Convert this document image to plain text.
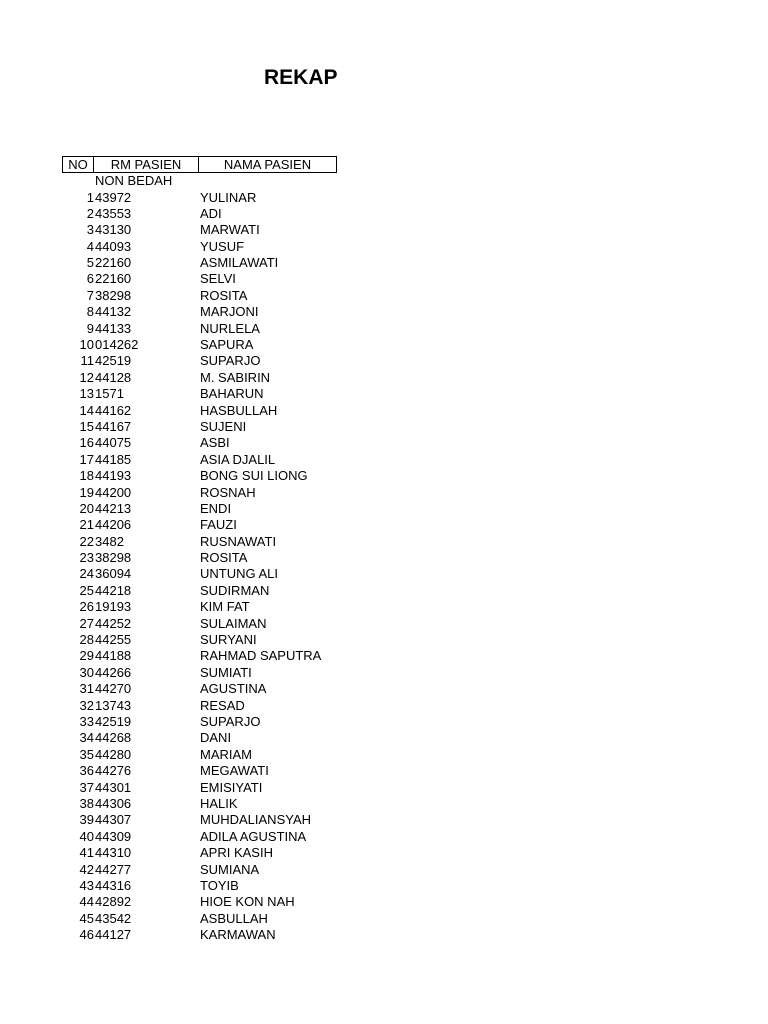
REKAP
NO	RM PASIEN	NAMA PASIEN
NON BEDAH
1 43972	YULINAR
2 43553	ADI
3 43130	MARWATI
4 44093	YUSUF
5 22160	ASMILAWATI
6 22160	SELVI
7 38298	ROSITA
8 44132	MARJONI
9 44133	NURLELA
10 014262	SAPURA
11 42519	SUPARJO
12 44128	M. SABIRIN
13 1571	BAHARUN
14 44162	HASBULLAH
15 44167	SUJENI
16 44075	ASBI
17 44185	ASIA DJALIL
18 44193	BONG SUI LIONG
19 44200	ROSNAH
20 44213	ENDI
21 44206	FAUZI
22 3482	RUSNAWATI
23 38298	ROSITA
24 36094	UNTUNG ALI
25 44218	SUDIRMAN
26 19193	KIM FAT
27 44252	SULAIMAN
28 44255	SURYANI
29 44188	RAHMAD SAPUTRA
30 44266	SUMIATI
31 44270	AGUSTINA
32 13743	RESAD
33 42519	SUPARJO
34 44268	DANI
35 44280	MARIAM
36 44276	MEGAWATI
37 44301	EMISIYATI
38 44306	HALIK
39 44307	MUHDALIANSYAH
40 44309	ADILA AGUSTINA
41 44310	APRI KASIH
42 44277	SUMIANA
43 44316	TOYIB
44 42892	HIOE KON NAH
45 43542	ASBULLAH
46 44127	KARMAWAN
